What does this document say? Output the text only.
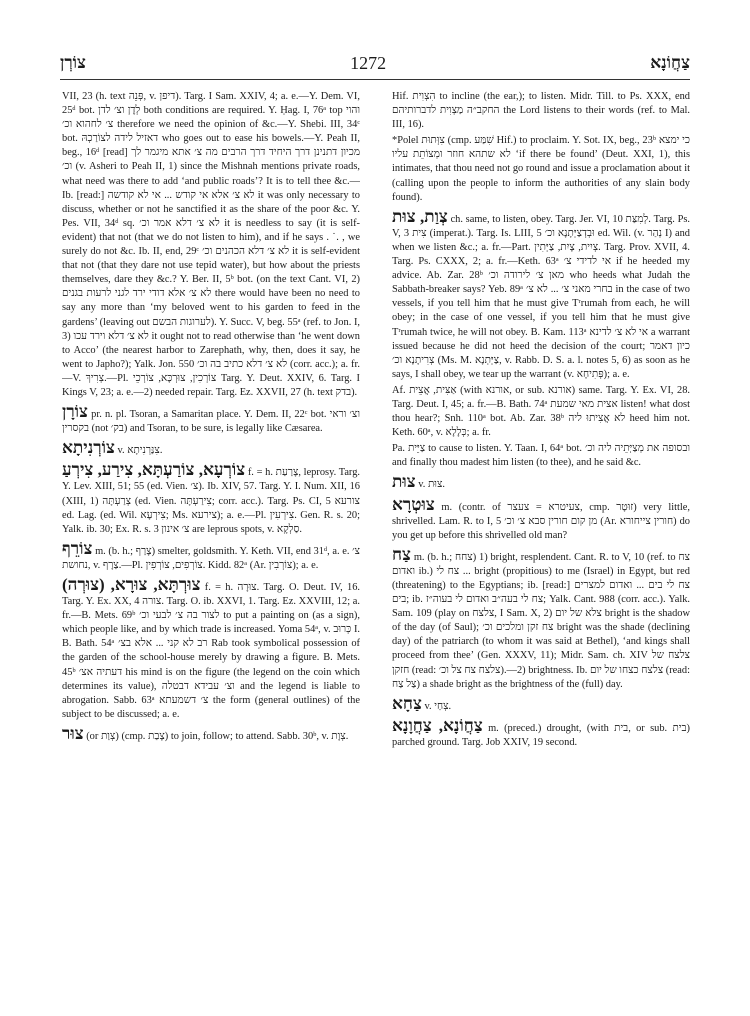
צוֹרְן	1272	צַחֲוֹנָא

VII, 23 (h. text פְּנֵה, v. דיפן). Targ. I Sam. XXIV, 4; a. e.—Y. Dem. VI, 25ᵈ bot. לְדֶן וצ׳ לדן both conditions are required. Y. Ḥag. I, 76ᵃ top והוי צ׳ לחהוא וכ׳ therefore we need the opinion of &c.—Y. Shebi. III, 34ᶜ bot. דאזיל לידה לצוֹרַכְהּ who goes out to ease his bowels.—Y. Peah II, beg., 16ᵈ [read] מכיון דתנינן דרך היחיד דרך הרבים מה צ׳ אתא מיגמר לך וכ׳ (v. Asheri to Peah II, 1) since the Mishnah mentions private roads, what need was there to add ‘and public roads’? It is to tell thee &c.—Ib. [read:] לא צ׳ אלא אי קודש ... אי לא קודשה it was only necessary to discuss, whether or not he sanctified it as the share of the poor &c. Y. Pes. VII, 34ᵈ sq. לא צ׳ דלא אמר וכ׳ it is needless to say (it is self-evident) that not (that we do not listen to him), and if he says . ˙. , we surely do not &c. Ib. II, end, 29ᶜ לא צ׳ דלא הכהנים וכ׳ it is self-evident that not (that they dare not use tepid water), but how about the priests themselves, dare they &c.? Y. Ber. II, 5ᵇ bot. (on the text Cant. VI, 2) לא צ׳ אלא דודי ירד לגני לרעות בגנים there would have been no need to say any more than ‘my beloved went to his garden to feed in the gardens’ (leaving out לערוגות הבשם). Y. Succ. V, beg. 55ᵃ (ref. to Jon. I, 3) לא צ׳ דלא וירד עכו it ought not to read otherwise than ‘he went down to Acco’ (the nearest harbor to Zarephath, why, then, does it say, he went to Japho?); Yalk. Jon. 550 לא צ׳ דלא כתיב בה וכ׳ (corr. acc.); a. fr.—V. צְרִיךְ.—Pl. צוֹרְכִין, צוּרְכָּא, צוֹרְכֵי Targ. Y. Deut. XXIV, 6. Targ. I Kings V, 23; a. e.—2) needed repair. Targ. Ez. XXVII, 27 (h. text בדק).

צוֹרָן pr. n. pl. Tsoran, a Samaritan place. Y. Dem. II, 22ᶜ bot. וצ׳ וראי בקסרין (not בק׳) and Tsoran, to be sure, is legally like Cæsarea.

צוֹרְנִיתָא v. צִנַּרְנִיתָא.

צוֹרְעָא, צוֹרַעְתָּא, צִירַע, צִירְעַ f. = h. צָרַעַת, leprosy. Targ. Y. Lev. XIII, 51; 55 (ed. Vien. צ׳). Ib. XIV, 57. Targ. Y. I. Num. XII, 16 (XIII, 1) צְרַעְתָּה (ed. Vien. צִירַעְתָּה; corr. acc.). Targ. Ps. CI, 5 צורעא ed. Lag. (ed. Wil. צִירְעָא; Ms. צירעא); a. e.—Pl. צִירְעִין. Gen. R. s. 20; Yalk. ib. 30; Ex. R. s. 3 צ׳ אינון are leprous spots, v. סַלְקָא.

צוֹרֵף m. (b. h.; צָרַף) smelter, goldsmith. Y. Keth. VII, end 31ᵈ, a. e. צ׳ נחושת, v. צַרָף.—Pl. צוֹרְפִים, צוֹרְפִין. Kidd. 82ᵃ (Ar. צוֹרְבִין); a. e.

צוּרְתָּא, צוּרָא, (צוּרְה) f. = h. צוּרָה. Targ. O. Deut. IV, 16. Targ. Y. Ex. XX, 4 צורה. Targ. O. ib. XXVI, 1. Targ. Ez. XXVIII, 12; a. fr.—B. Mets. 69ᵇ לצור בה צ׳ לבעי וכ׳ to put a painting on (as a sign), which people like, and by which trade is increased. Yoma 54ᵃ, v. כְּרוּב I. B. Bath. 54ᵃ רב לא קני ... אלא בצ׳ Rab took symbolical possession of the garden of the school-house merely by drawing a figure. B. Mets. 45ᵇ דעתיה אצ׳ his mind is on the figure (the legend on the coin which determines its value), וצ׳ עבידא דבטלה and the legend is liable to abrogation. Sabb. 63ᵃ צ׳ דשמעתא the form (general outlines) of the subject to be discussed; a. e.

צוּר (or צְוַת) (cmp. צָבַת) to join, follow; to attend. Sabb. 30ᵇ, v. צְוָת.

Hif. הִצְוִית to incline (the ear,); to listen. Midr. Till. to Ps. XXX, end החקב״ה מַצְוִית לדברותיהם the Lord listens to their words (ref. to Mal. III, 16).

*Polel צִוְּתוּת (cmp. שִׁמַּע Hif.) to proclaim. Y. Sot. IX, beg., 23ᵇ כי ימצא לא שתהא חוזר ומְצוֹתֵת עליו ‘if there be found’ (Deut. XXI, 1), this intimates, that thou need not go round and issue a proclamation about it (calling upon the people to inform the authorities of any slain body found).

צְוַת, צוּת ch. same, to listen, obey. Targ. Jer. VI, 10 לְמִצַּת. Targ. Ps. V, 3 צִית (imperat.). Targ. Is. LIII, 5 וּבְדְצַיְּתָנָא וכ׳ ed. Wil. (v. נְהַר I) and when we listen &c.; a. fr.—Part. צְיִית, צָיִת, צַיְּתִין. Targ. Prov. XVII, 4. Targ. Ps. CXXX, 2; a. fr.—Keth. 63ᵃ אי לדידי צ׳ if he heeded my advice. Ab. Zar. 28ᵇ מאן צ׳ לירודה וכ׳ who heeds what Judah the Sabbath-breaker says? Yeb. 89ᵃ בחרי מאני צ׳ ... לא צ׳ in the case of two vessels, if you tell him that he must give Tʳrumah from each, he will obey; in the case of one vessel, if you tell him that he must give Tʳrumah twice, he will not obey. B. Kam. 113ᵃ אי לא צ׳ לדינא a warrant issued because he did not heed the decision of the court; כיון דאמר צְרִיתָנָא וכ׳ (Ms. M. צַיְּתְנָא, v. Rabb. D. S. a. l. notes 5, 6) as soon as he says, I shall obey, we tear up the warrant (v. פְּתִיחָא); a. e.

Af. אַצִּית, אֲצֵית (with אורנא, or sub. אורנא) same. Targ. Y. Ex. VI, 28. Targ. Deut. I, 45; a. fr.—B. Bath. 74ᵃ אצית מאי שמעת listen! what dost thou hear?; Snh. 110ᵃ bot. Ab. Zar. 38ᵇ לא אֲצִיתוּ ליה heed him not. Keth. 60ᵃ, v. כְּלָלָא; a. fr.

Pa. צַיֵּית to cause to listen. Y. Taan. I, 64ᵃ bot. ובסופה את מְצַיְּתֵיה ליה וכ׳ and finally thou madest him listen (to thee), and he said &c.

צוּת v. צוּת.

צוּטְרָא m. (contr. of צעיטרא = צעצר, cmp. זוּטָר) very little, shrivelled. Lam. R. to I, 5 מן קום חורין סבא צ׳ וכ׳ (Ar. חורין צייחורא) do you get up before this shrivelled old man?

צַח m. (b. h.; צחח) 1) bright, resplendent. Cant. R. to V, 10 (ref. to צח ואדום ib.) צח לי ... bright (propitious) to me (Israel) in Egypt, but red (threatening) to the Egyptians; ib. [read:] צח לי בים ... ואדום למצרים בים; ib. צח לי בעה״ב ואדום לי בעוה״ז; Yalk. Cant. 988 (corr. acc.). Yalk. Sam. 109 (play on צלצח, I Sam. X, 2) צלא של יום bright is the shadow of the day (of Saul); צח זקן ומלכים וכ׳ bright was the shade (declining day) of the patriarch (to whom it was said at Bethel), ‘and kings shall proceed from thee’ (Gen. XXXV, 11); Midr. Sam. ch. XIV צלצח של חזקן (read: צלצח צח צל וכ׳).—2) brightness. Ib. צלצח כצחו של יום (read: צַל צַח) a shade bright as the brightness of the (full) day.

צַחָא v. צְחַי.

צַחֲוֹנָא, צַחֲוָנָא m. (preced.) drought, (with בית, or sub. בית) parched ground. Targ. Job XXIV, 19 second.
